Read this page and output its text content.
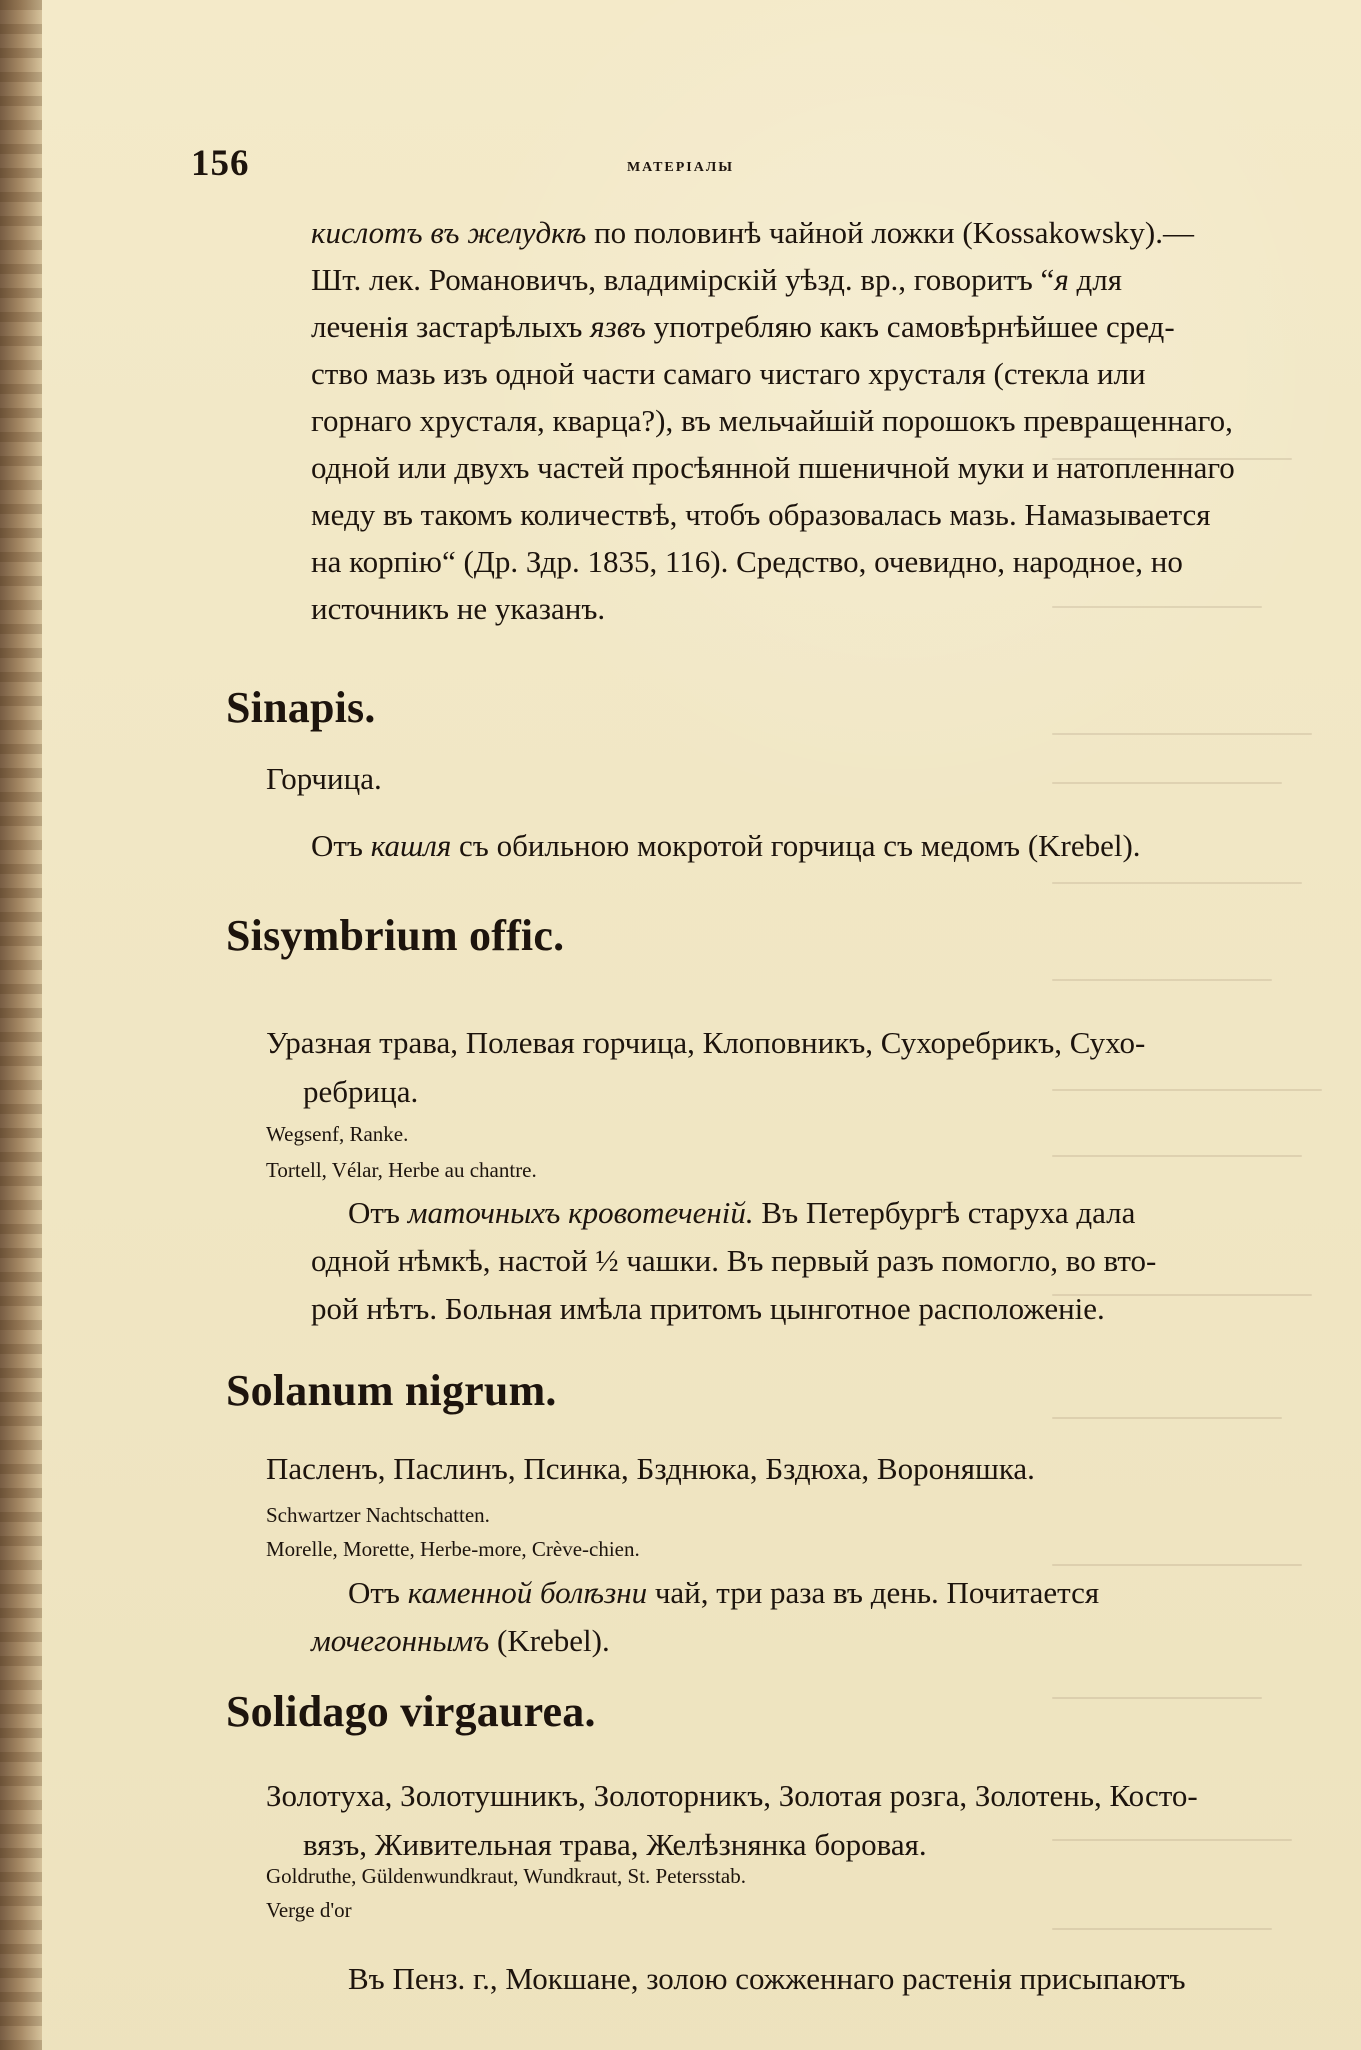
156	МАТЕРІАЛЫ
кислотъ въ желудкѣ по половинѣ чайной ложки (Kossakowsky).—
Шт. лек. Романовичъ, владимірскій уѣзд. вр., говоритъ “я для
леченія застарѣлыхъ язвъ употребляю какъ самовѣрнѣйшее сред-
ство мазь изъ одной части самаго чистаго хрусталя (стекла или
горнаго хрусталя, кварца?), въ мельчайшій порошокъ превращеннаго,
одной или двухъ частей просѣянной пшеничной муки и натопленнаго
меду въ такомъ количествѣ, чтобъ образовалась мазь. Намазывается
на корпію“ (Др. Здр. 1835, 116). Средство, очевидно, народное, но
источникъ не указанъ.
Sinapis.
Горчица.
Отъ кашля съ обильною мокротой горчица съ медомъ (Krebel).
Sisymbrium offic.
Уразная трава, Полевая горчица, Клоповникъ, Сухоребрикъ, Сухо-
ребрица.
Wegsenf, Ranke.
Tortell, Vélar, Herbe au chantre.
Отъ маточныхъ кровотеченій. Въ Петербургѣ старуха дала
одной нѣмкѣ, настой ½ чашки. Въ первый разъ помогло, во вто-
рой нѣтъ. Больная имѣла притомъ цынготное расположеніе.
Solanum nigrum.
Пасленъ, Паслинъ, Псинка, Бзднюка, Бздюха, Вороняшка.
Schwartzer Nachtschatten.
Morelle, Morette, Herbe-more, Crève-chien.
Отъ каменной болѣзни чай, три раза въ день. Почитается
мочегоннымъ (Krebel).
Solidago virgaurea.
Золотуха, Золотушникъ, Золоторникъ, Золотая розга, Золотень, Косто-
вязъ, Живительная трава, Желѣзнянка боровая.
Goldruthe, Güldenwundkraut, Wundkraut, St. Petersstab.
Verge d'or
Въ Пенз. г., Мокшане, золою сожженнаго растенія присыпаютъ
